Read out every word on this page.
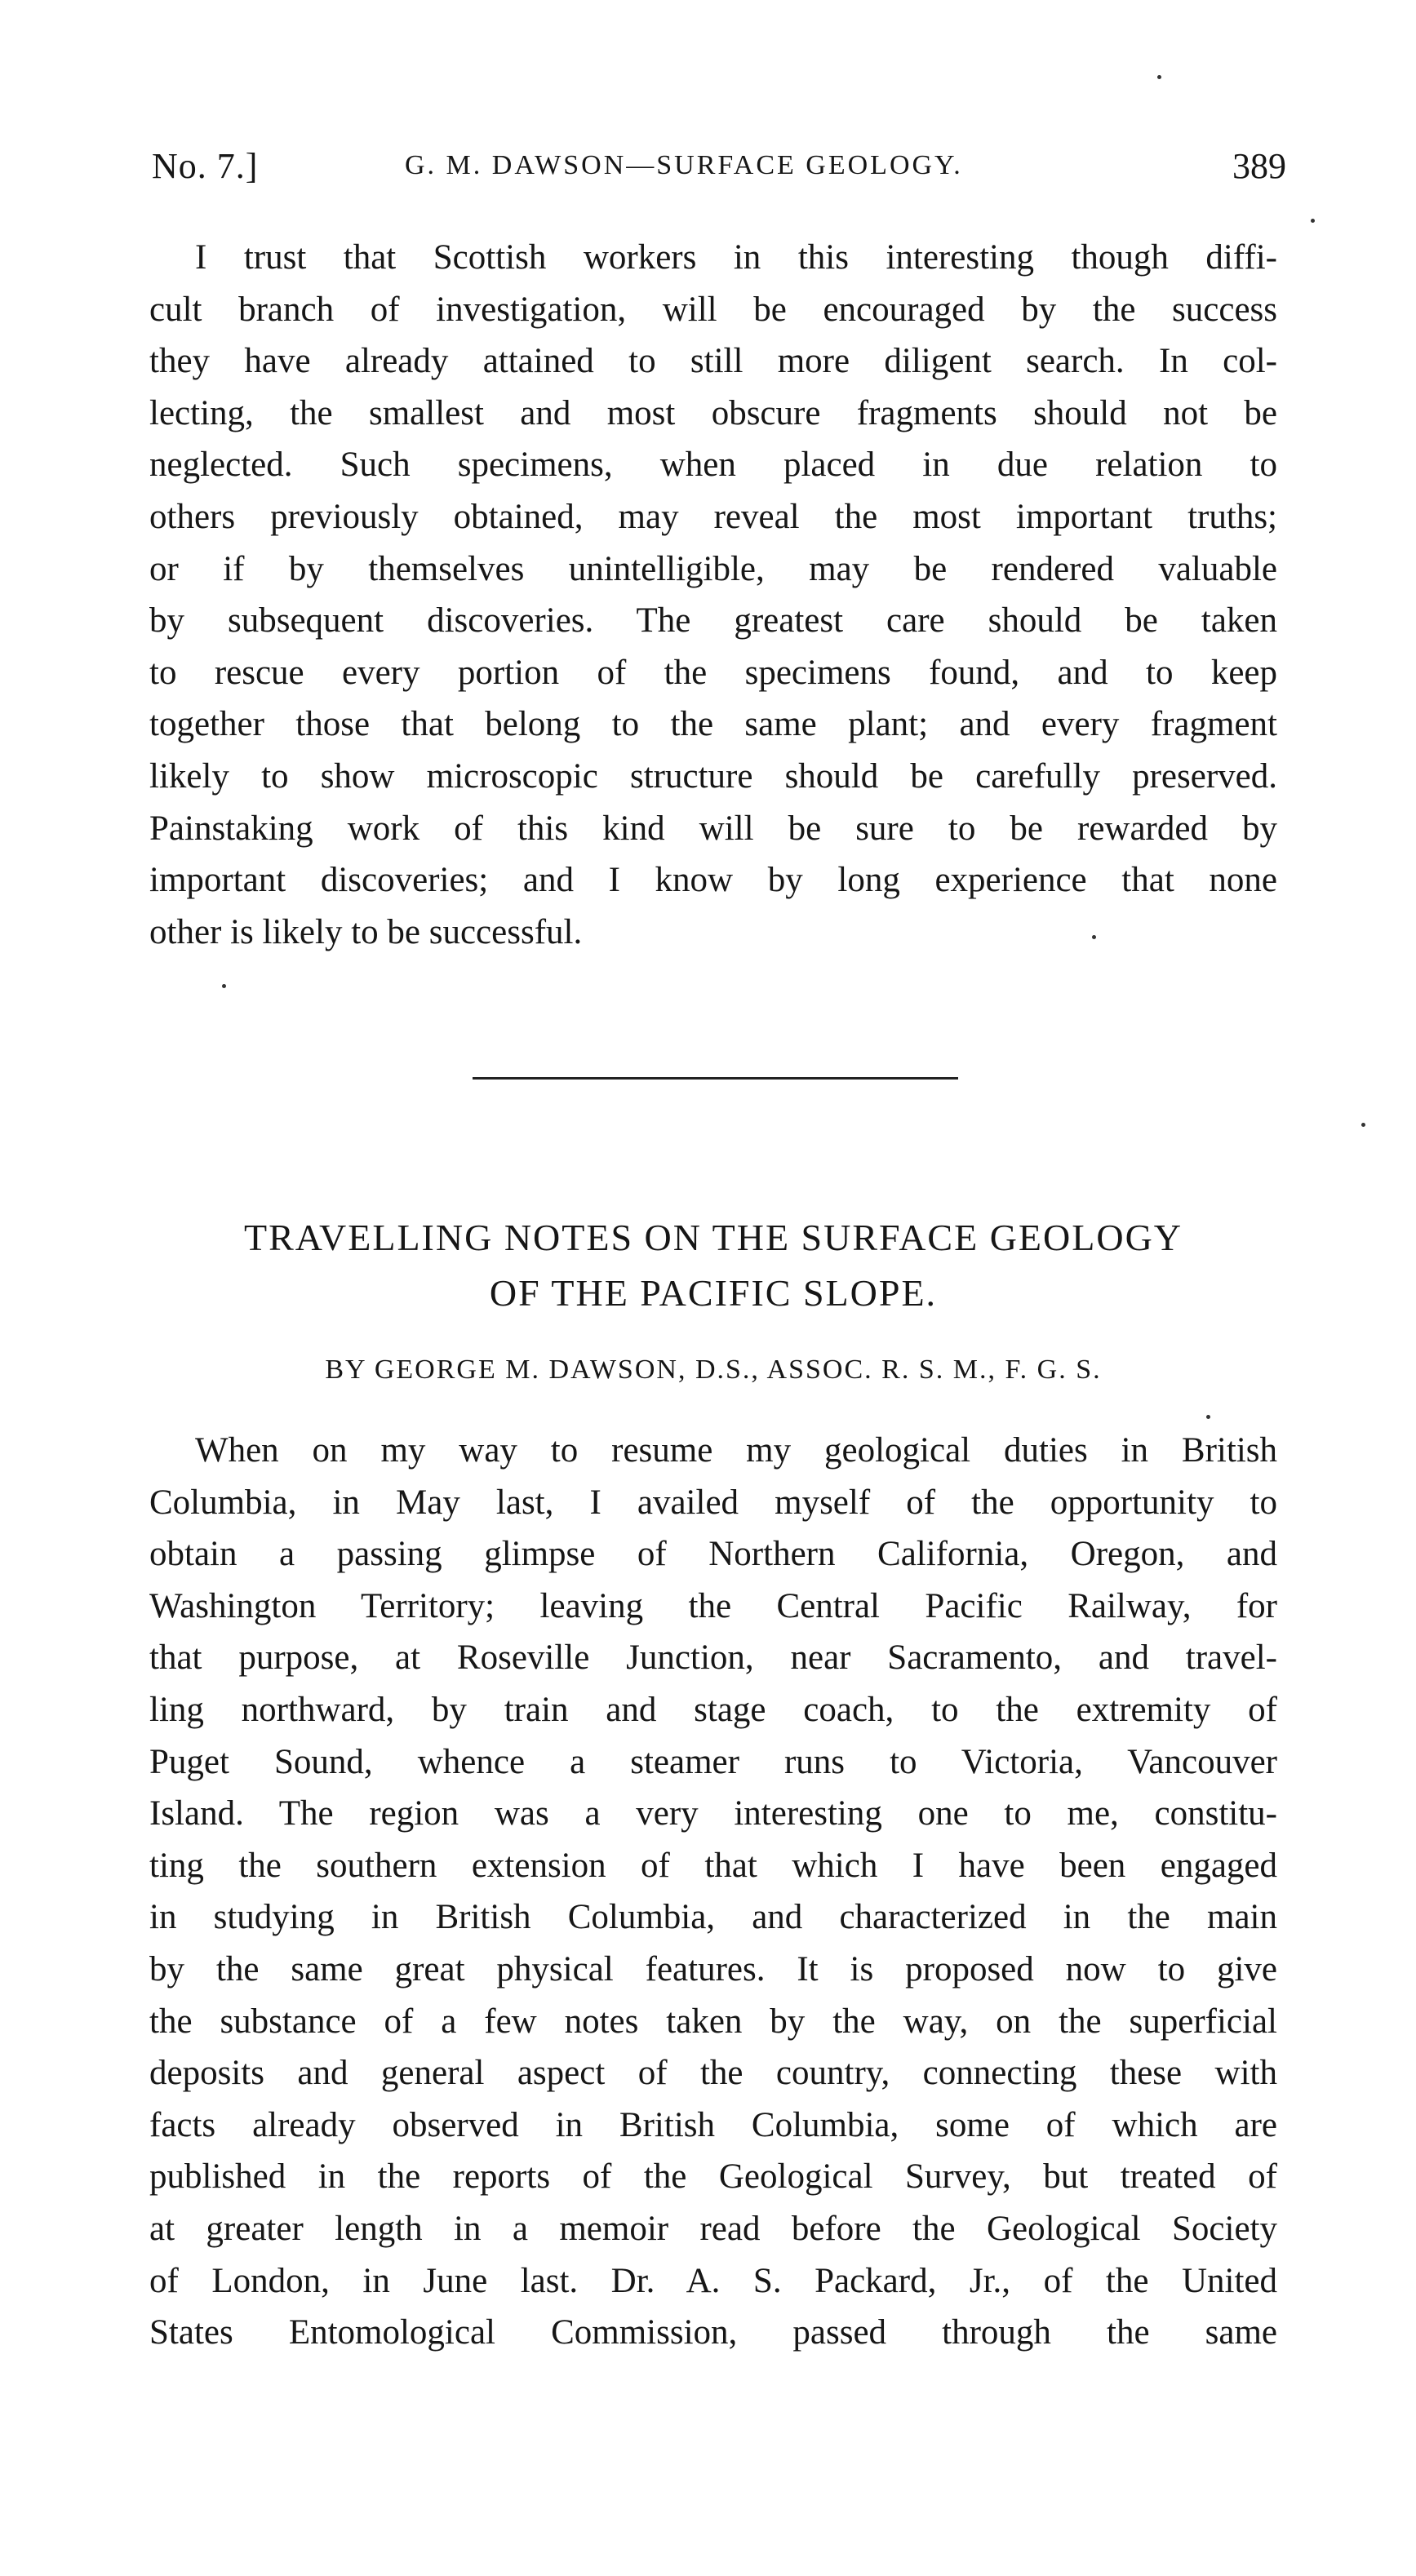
No. 7.]	G. M. DAWSON—SURFACE GEOLOGY.	389
I trust that Scottish workers in this interesting though diffi-
cult branch of investigation, will be encouraged by the success
they have already attained to still more diligent search. In col-
lecting, the smallest and most obscure fragments should not be
neglected. Such specimens, when placed in due relation to
others previously obtained, may reveal the most important truths;
or if by themselves unintelligible, may be rendered valuable
by subsequent discoveries. The greatest care should be taken
to rescue every portion of the specimens found, and to keep
together those that belong to the same plant; and every fragment
likely to show microscopic structure should be carefully preserved.
Painstaking work of this kind will be sure to be rewarded by
important discoveries; and I know by long experience that none
other is likely to be successful.
TRAVELLING NOTES ON THE SURFACE GEOLOGY
OF THE PACIFIC SLOPE.
BY GEORGE M. DAWSON, D.S., ASSOC. R. S. M., F. G. S.
When on my way to resume my geological duties in British
Columbia, in May last, I availed myself of the opportunity to
obtain a passing glimpse of Northern California, Oregon, and
Washington Territory; leaving the Central Pacific Railway, for
that purpose, at Roseville Junction, near Sacramento, and travel-
ling northward, by train and stage coach, to the extremity of
Puget Sound, whence a steamer runs to Victoria, Vancouver
Island. The region was a very interesting one to me, constitu-
ting the southern extension of that which I have been engaged
in studying in British Columbia, and characterized in the main
by the same great physical features. It is proposed now to give
the substance of a few notes taken by the way, on the superficial
deposits and general aspect of the country, connecting these with
facts already observed in British Columbia, some of which are
published in the reports of the Geological Survey, but treated of
at greater length in a memoir read before the Geological Society
of London, in June last. Dr. A. S. Packard, Jr., of the United
States Entomological Commission, passed through the same
